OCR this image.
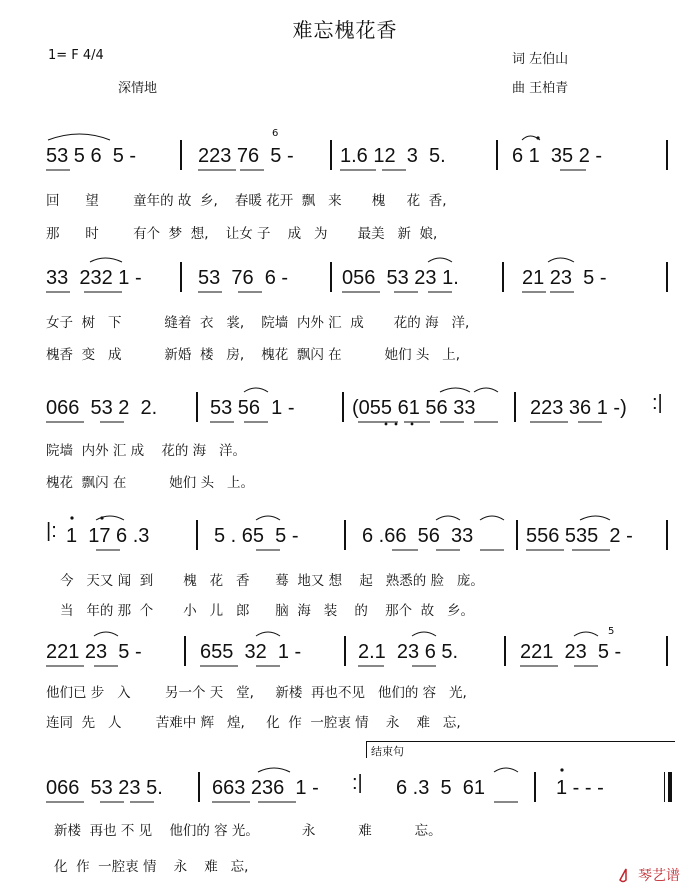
难忘槐花香
1= F 4/4
深情地
词 左伯山
曲 王柏青
53 5 6  5 -	223 76  5 - 1.6 12  3  5.	6 1  35 2 -
6
回      望        童年的 故  乡,    春暖 花开  飘   来       槐     花  香,
那      时        有个  梦  想,    让女 子    成   为       最美   新  娘,
33  232 1 -	53  76  6 -	056  53 23 1.	21 23  5 -
女子  树   下          缝着  衣   裳,    院墙  内外 汇  成       花的 海   洋,
槐香  变   成          新婚  楼   房,    槐花  飘闪 在          她们 头   上,
066  53 2  2.	53 56  1 -	(055 61 56 33	223 36 1 -) :|
院墙  内外 汇 成    花的 海   洋。
槐花  飘闪 在          她们 头   上。
|: 1  17 6 .3	5 . 65  5 -	6 .66  56  33	556 535  2 -
今   天又 闻  到       槐   花   香      蓦  地又 想    起   熟悉的 脸   庞。
当   年的 那  个       小   儿   郎      脑  海   装    的    那个  故   乡。
221 23  5 -	655  32  1 -	2.1  23 6 5.	221  23  5 -
5
他们已 步   入        另一个 天   堂,     新楼  再也不见   他们的 容   光,
连同  先   人        苦难中 辉   煌,     化  作  一腔衷 情    永    难   忘,
结束句
066  53 23 5. 663 236  1 - :| 6 .3  5  61	1 - - -
新楼  再也 不 见    他们的 容 光。          永          难          忘。
化  作  一腔衷 情    永    难   忘,
琴艺谱
